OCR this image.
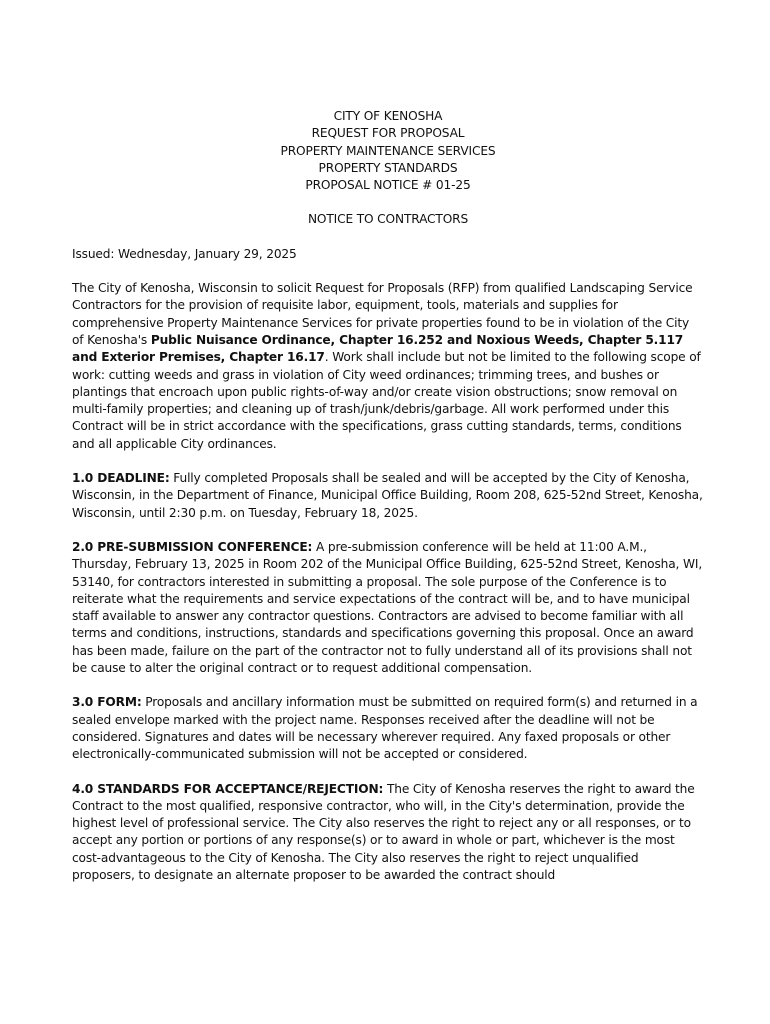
CITY OF KENOSHA
REQUEST FOR PROPOSAL
PROPERTY MAINTENANCE SERVICES
PROPERTY STANDARDS
PROPOSAL NOTICE # 01-25
NOTICE TO CONTRACTORS

Issued: Wednesday, January 29, 2025

The City of Kenosha, Wisconsin to solicit Request for Proposals (RFP) from qualified Landscaping Service Contractors for the provision of requisite labor, equipment, tools, materials and supplies for comprehensive Property Maintenance Services for private properties found to be in violation of the City of Kenosha's Public Nuisance Ordinance, Chapter 16.252 and Noxious Weeds, Chapter 5.117 and Exterior Premises, Chapter 16.17. Work shall include but not be limited to the following scope of work: cutting weeds and grass in violation of City weed ordinances; trimming trees, and bushes or plantings that encroach upon public rights-of-way and/or create vision obstructions; snow removal on multi-family properties; and cleaning up of trash/junk/debris/garbage. All work performed under this Contract will be in strict accordance with the specifications, grass cutting standards, terms, conditions and all applicable City ordinances.

1.0 DEADLINE: Fully completed Proposals shall be sealed and will be accepted by the City of Kenosha, Wisconsin, in the Department of Finance, Municipal Office Building, Room 208, 625-52nd Street, Kenosha, Wisconsin, until 2:30 p.m. on Tuesday, February 18, 2025.

2.0 PRE-SUBMISSION CONFERENCE: A pre-submission conference will be held at 11:00 A.M., Thursday, February 13, 2025 in Room 202 of the Municipal Office Building, 625-52nd Street, Kenosha, WI, 53140, for contractors interested in submitting a proposal. The sole purpose of the Conference is to reiterate what the requirements and service expectations of the contract will be, and to have municipal staff available to answer any contractor questions. Contractors are advised to become familiar with all terms and conditions, instructions, standards and specifications governing this proposal. Once an award has been made, failure on the part of the contractor not to fully understand all of its provisions shall not be cause to alter the original contract or to request additional compensation.

3.0 FORM: Proposals and ancillary information must be submitted on required form(s) and returned in a sealed envelope marked with the project name. Responses received after the deadline will not be considered. Signatures and dates will be necessary wherever required. Any faxed proposals or other electronically-communicated submission will not be accepted or considered.

4.0 STANDARDS FOR ACCEPTANCE/REJECTION: The City of Kenosha reserves the right to award the Contract to the most qualified, responsive contractor, who will, in the City's determination, provide the highest level of professional service. The City also reserves the right to reject any or all responses, or to accept any portion or portions of any response(s) or to award in whole or part, whichever is the most cost-advantageous to the City of Kenosha. The City also reserves the right to reject unqualified proposers, to designate an alternate proposer to be awarded the contract should
